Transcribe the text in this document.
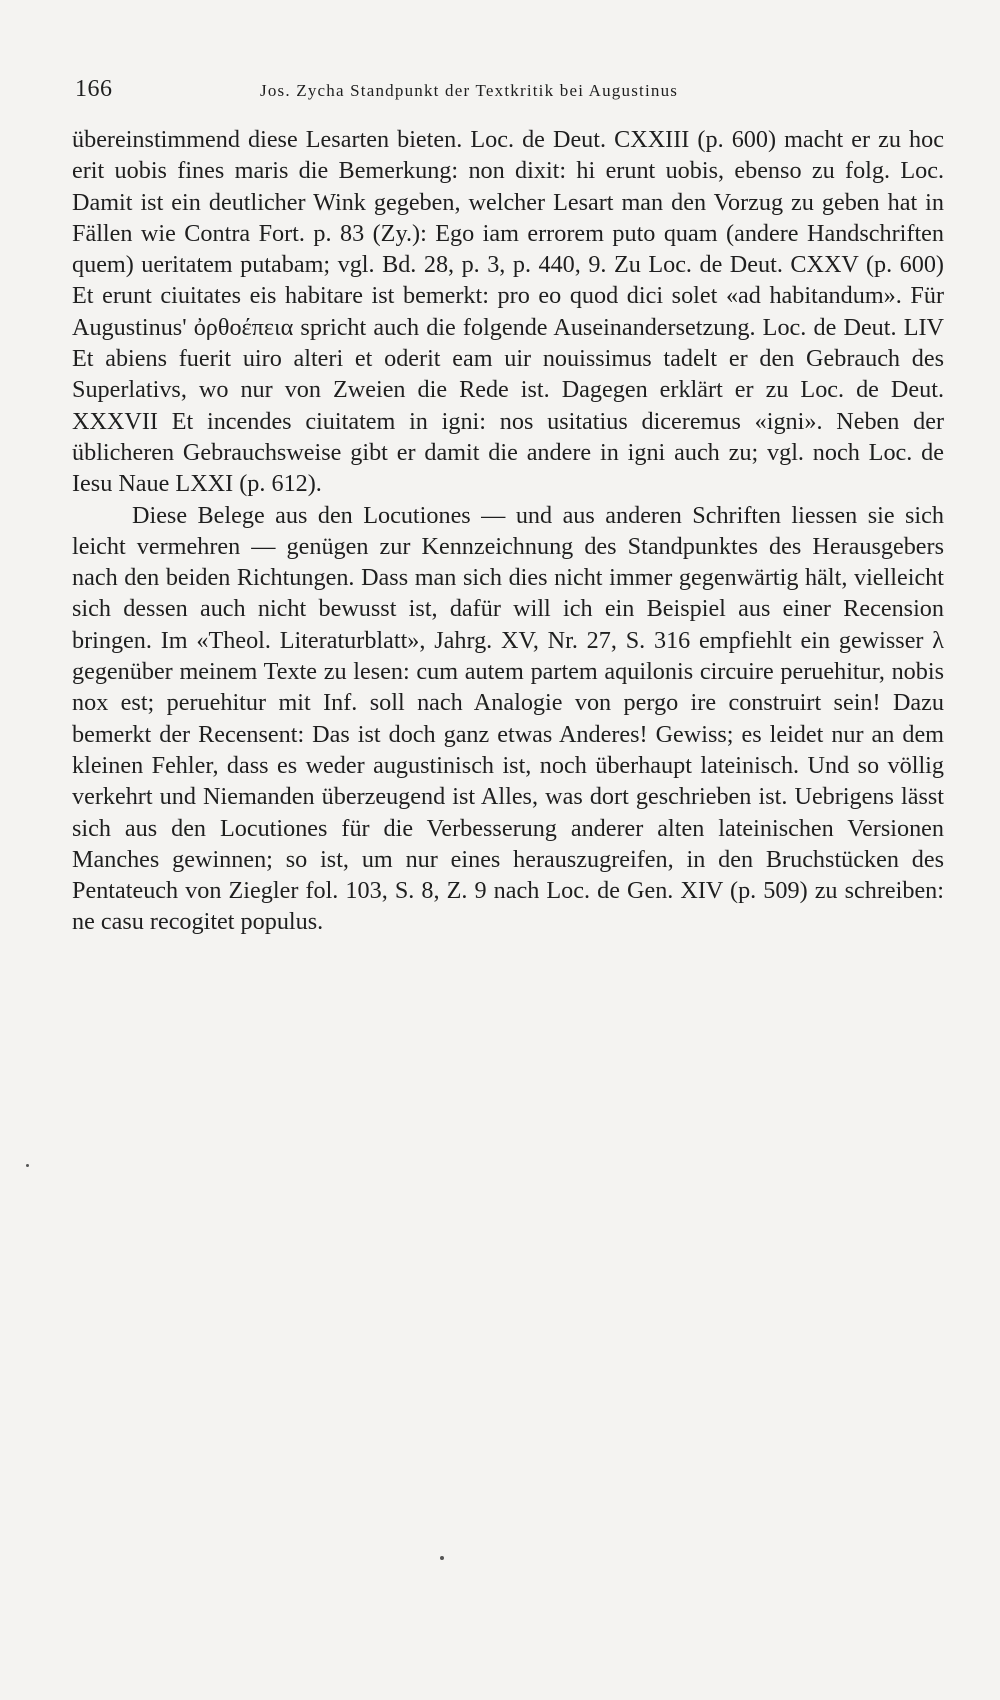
166	Jos. Zycha Standpunkt der Textkritik bei Augustinus

übereinstimmend diese Lesarten bieten. Loc. de Deut. CXXIII (p. 600) macht er zu hoc erit uobis fines maris die Bemerkung: non dixit: hi erunt uobis, ebenso zu folg. Loc. Damit ist ein deutlicher Wink gegeben, welcher Lesart man den Vorzug zu geben hat in Fällen wie Contra Fort. p. 83 (Zy.): Ego iam errorem puto quam (andere Handschriften quem) ueritatem putabam; vgl. Bd. 28, p. 3, p. 440, 9. Zu Loc. de Deut. CXXV (p. 600) Et erunt ciuitates eis habitare ist bemerkt: pro eo quod dici solet «ad habitandum». Für Augustinus' ὀρθοέπεια spricht auch die folgende Auseinandersetzung. Loc. de Deut. LIV Et abiens fuerit uiro alteri et oderit eam uir nouissimus tadelt er den Gebrauch des Superlativs, wo nur von Zweien die Rede ist. Dagegen erklärt er zu Loc. de Deut. XXXVII Et incendes ciuitatem in igni: nos usitatius diceremus «igni». Neben der üblicheren Gebrauchsweise gibt er damit die andere in igni auch zu; vgl. noch Loc. de Iesu Naue LXXI (p. 612).

Diese Belege aus den Locutiones — und aus anderen Schriften liessen sie sich leicht vermehren — genügen zur Kennzeichnung des Standpunktes des Herausgebers nach den beiden Richtungen. Dass man sich dies nicht immer gegenwärtig hält, vielleicht sich dessen auch nicht bewusst ist, dafür will ich ein Beispiel aus einer Recension bringen. Im «Theol. Literaturblatt», Jahrg. XV, Nr. 27, S. 316 empfiehlt ein gewisser λ gegenüber meinem Texte zu lesen: cum autem partem aquilonis circuire peruehitur, nobis nox est; peruehitur mit Inf. soll nach Analogie von pergo ire construirt sein! Dazu bemerkt der Recensent: Das ist doch ganz etwas Anderes! Gewiss; es leidet nur an dem kleinen Fehler, dass es weder augustinisch ist, noch überhaupt lateinisch. Und so völlig verkehrt und Niemanden überzeugend ist Alles, was dort geschrieben ist. Uebrigens lässt sich aus den Locutiones für die Verbesserung anderer alten lateinischen Versionen Manches gewinnen; so ist, um nur eines herauszugreifen, in den Bruchstücken des Pentateuch von Ziegler fol. 103, S. 8, Z. 9 nach Loc. de Gen. XIV (p. 509) zu schreiben: ne casu recogitet populus.
